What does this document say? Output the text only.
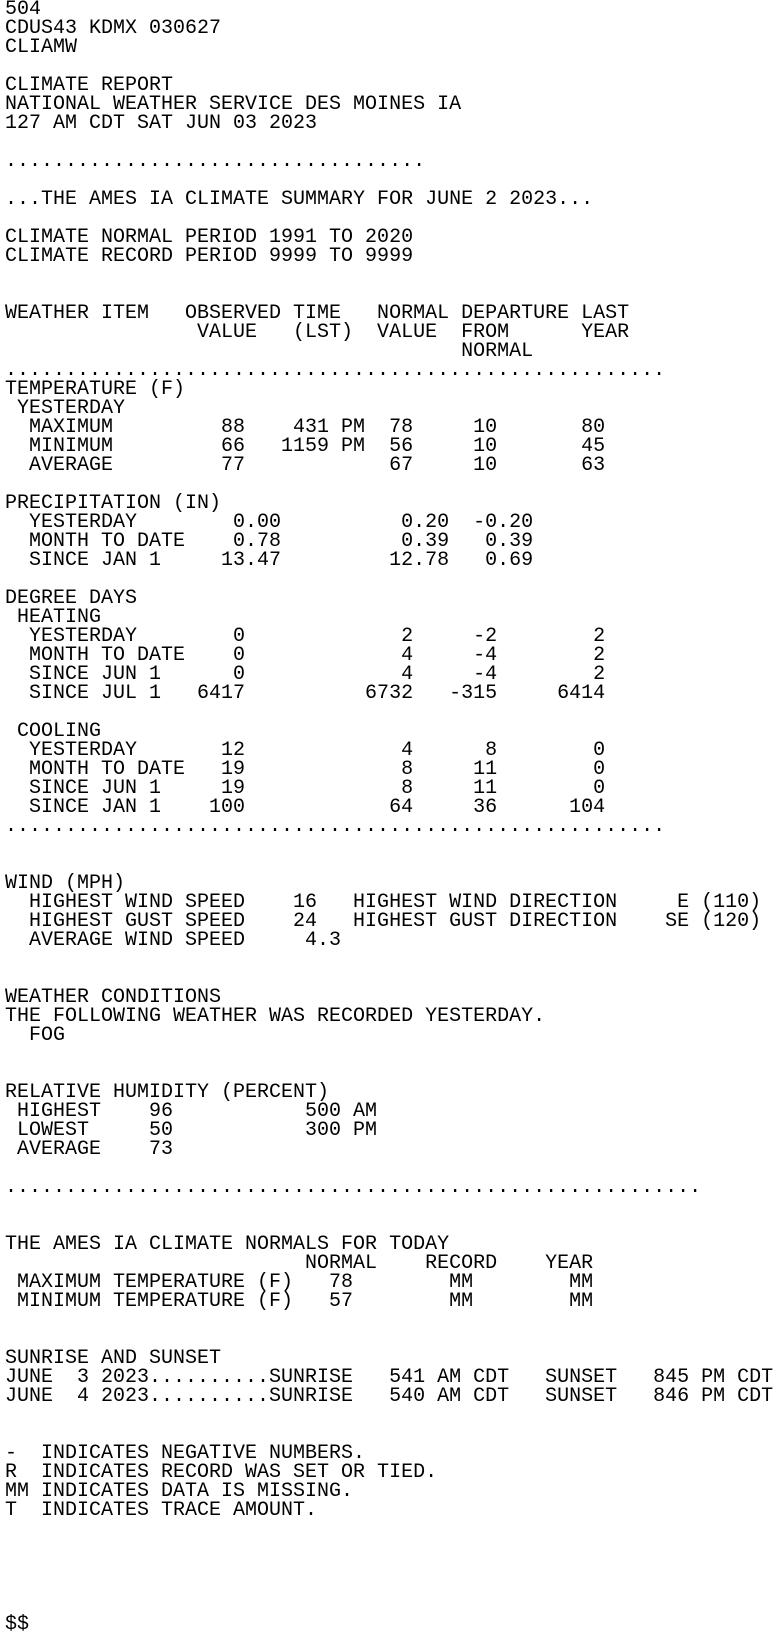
504
CDUS43 KDMX 030627
CLIAMW
CLIMATE REPORT
NATIONAL WEATHER SERVICE DES MOINES IA
127 AM CDT SAT JUN 03 2023
...................................
...THE AMES IA CLIMATE SUMMARY FOR JUNE 2 2023...
CLIMATE NORMAL PERIOD 1991 TO 2020
CLIMATE RECORD PERIOD 9999 TO 9999
WEATHER ITEM   OBSERVED TIME   NORMAL DEPARTURE LAST
VALUE   (LST)  VALUE  FROM      YEAR
NORMAL
.......................................................
TEMPERATURE (F)
YESTERDAY
MAXIMUM         88    431 PM  78     10       80
MINIMUM         66   1159 PM  56     10       45
AVERAGE         77            67     10       63
PRECIPITATION (IN)
YESTERDAY        0.00          0.20  -0.20
MONTH TO DATE    0.78          0.39   0.39
SINCE JAN 1     13.47         12.78   0.69
DEGREE DAYS
HEATING
YESTERDAY        0             2     -2        2
MONTH TO DATE    0             4     -4        2
SINCE JUN 1      0             4     -4        2
SINCE JUL 1   6417          6732   -315     6414
COOLING
YESTERDAY       12             4      8        0
MONTH TO DATE   19             8     11        0
SINCE JUN 1     19             8     11        0
SINCE JAN 1    100            64     36      104
.......................................................
WIND (MPH)
HIGHEST WIND SPEED    16   HIGHEST WIND DIRECTION     E (110)
HIGHEST GUST SPEED    24   HIGHEST GUST DIRECTION    SE (120)
AVERAGE WIND SPEED     4.3
WEATHER CONDITIONS
THE FOLLOWING WEATHER WAS RECORDED YESTERDAY.
FOG
RELATIVE HUMIDITY (PERCENT)
HIGHEST    96           500 AM
LOWEST     50           300 PM
AVERAGE    73
..........................................................
THE AMES IA CLIMATE NORMALS FOR TODAY
NORMAL    RECORD    YEAR
MAXIMUM TEMPERATURE (F)   78        MM        MM
MINIMUM TEMPERATURE (F)   57        MM        MM
SUNRISE AND SUNSET
JUNE  3 2023..........SUNRISE   541 AM CDT   SUNSET   845 PM CDT
JUNE  4 2023..........SUNRISE   540 AM CDT   SUNSET   846 PM CDT
-  INDICATES NEGATIVE NUMBERS.
R  INDICATES RECORD WAS SET OR TIED.
MM INDICATES DATA IS MISSING.
T  INDICATES TRACE AMOUNT.
$$
